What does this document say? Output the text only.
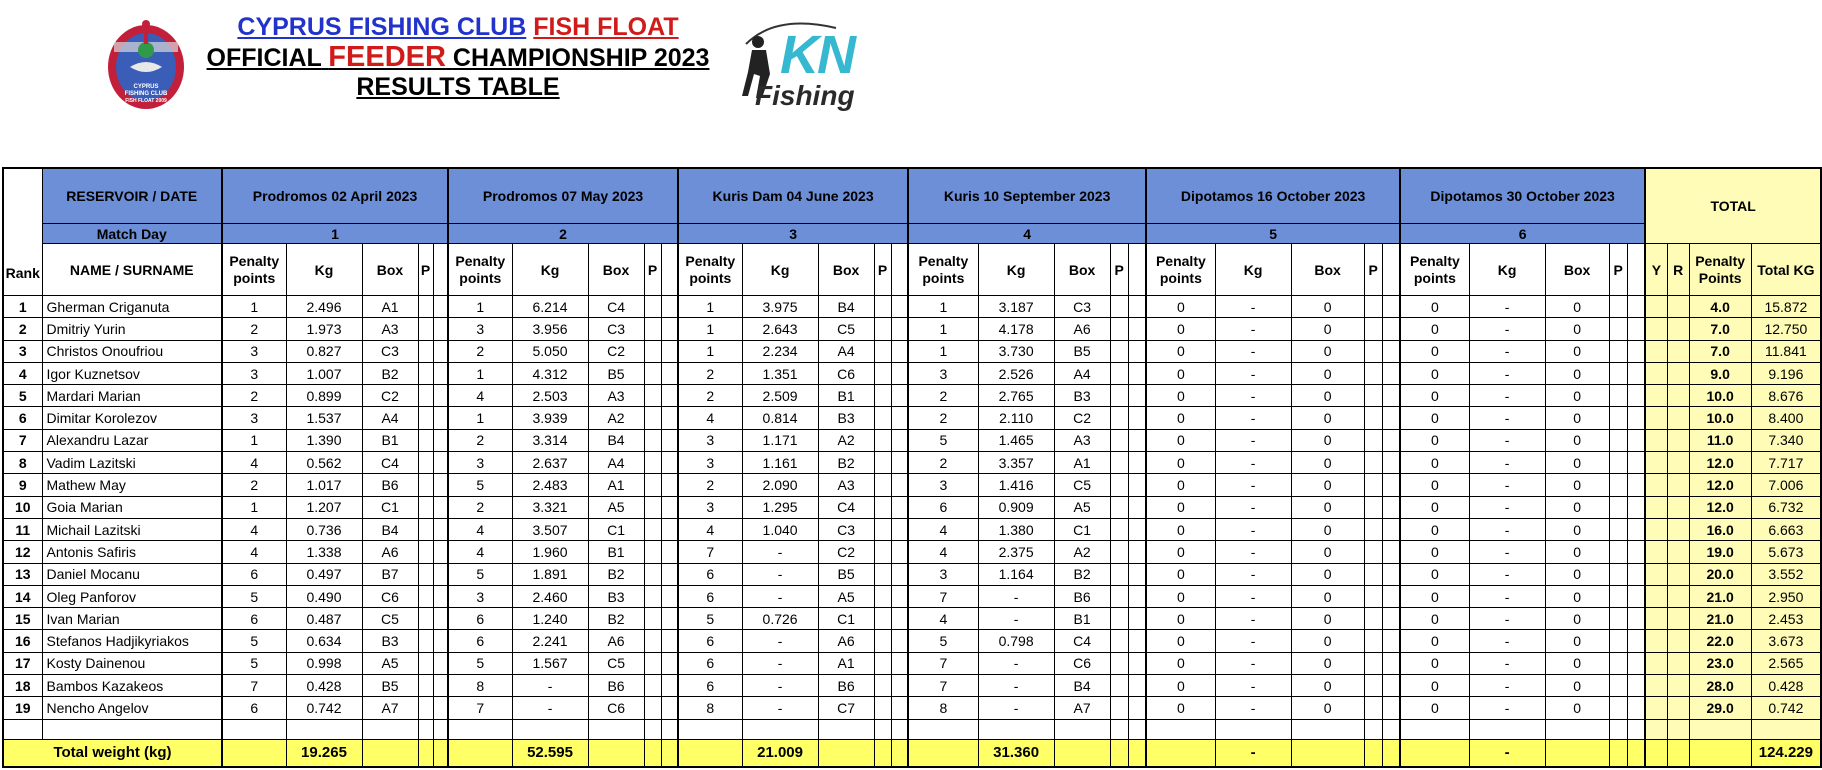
CYPRUS
FISHING CLUB
FISH FLOAT 2009
CYPRUS FISHING CLUB FISH FLOAT
OFFICIAL FEEDER CHAMPIONSHIP 2023
RESULTS TABLE
KN
Fishing
Rank	RESERVOIR / DATE	Prodromos 02 April 2023					Prodromos 07 May 2023					Kuris Dam 04 June 2023					Kuris 10 September 2023					Dipotamos 16 October 2023					Dipotamos 30 October 2023					TOTAL			
	Match Day	1					2					3					4					5					6								
	NAME / SURNAME	Penalty points	Kg	Box	P		Penalty points	Kg	Box	P		Penalty points	Kg	Box	P		Penalty points	Kg	Box	P		Penalty points	Kg	Box	P		Penalty points	Kg	Box	P		Y	R	Penalty Points	Total KG
1	Gherman Criganuta	1	2.496	A1			1	6.214	C4			1	3.975	B4			1	3.187	C3			0	-	0			0	-	0					4.0	15.872
2	Dmitriy Yurin	2	1.973	A3			3	3.956	C3			1	2.643	C5			1	4.178	A6			0	-	0			0	-	0					7.0	12.750
3	Christos Onoufriou	3	0.827	C3			2	5.050	C2			1	2.234	A4			1	3.730	B5			0	-	0			0	-	0					7.0	11.841
4	Igor Kuznetsov	3	1.007	B2			1	4.312	B5			2	1.351	C6			3	2.526	A4			0	-	0			0	-	0					9.0	9.196
5	Mardari Marian	2	0.899	C2			4	2.503	A3			2	2.509	B1			2	2.765	B3			0	-	0			0	-	0					10.0	8.676
6	Dimitar Korolezov	3	1.537	A4			1	3.939	A2			4	0.814	B3			2	2.110	C2			0	-	0			0	-	0					10.0	8.400
7	Alexandru Lazar	1	1.390	B1			2	3.314	B4			3	1.171	A2			5	1.465	A3			0	-	0			0	-	0					11.0	7.340
8	Vadim Lazitski	4	0.562	C4			3	2.637	A4			3	1.161	B2			2	3.357	A1			0	-	0			0	-	0					12.0	7.717
9	Mathew May	2	1.017	B6			5	2.483	A1			2	2.090	A3			3	1.416	C5			0	-	0			0	-	0					12.0	7.006
10	Goia Marian	1	1.207	C1			2	3.321	A5			3	1.295	C4			6	0.909	A5			0	-	0			0	-	0					12.0	6.732
11	Michail Lazitski	4	0.736	B4			4	3.507	C1			4	1.040	C3			4	1.380	C1			0	-	0			0	-	0					16.0	6.663
12	Antonis Safiris	4	1.338	A6			4	1.960	B1			7	-	C2			4	2.375	A2			0	-	0			0	-	0					19.0	5.673
13	Daniel Mocanu	6	0.497	B7			5	1.891	B2			6	-	B5			3	1.164	B2			0	-	0			0	-	0					20.0	3.552
14	Oleg Panforov	5	0.490	C6			3	2.460	B3			6	-	A5			7	-	B6			0	-	0			0	-	0					21.0	2.950
15	Ivan Marian	6	0.487	C5			6	1.240	B2			5	0.726	C1			4	-	B1			0	-	0			0	-	0					21.0	2.453
16	Stefanos Hadjikyriakos	5	0.634	B3			6	2.241	A6			6	-	A6			5	0.798	C4			0	-	0			0	-	0					22.0	3.673
17	Kosty Dainenou	5	0.998	A5			5	1.567	C5			6	-	A1			7	-	C6			0	-	0			0	-	0					23.0	2.565
18	Bambos Kazakeos	7	0.428	B5			8	-	B6			6	-	B6			7	-	B4			0	-	0			0	-	0					28.0	0.428
19	Nencho Angelov	6	0.742	A7			7	-	C6			8	-	C7			8	-	A7			0	-	0			0	-	0					29.0	0.742

Total weight (kg)			19.265					52.595					21.009					31.360					-					-							124.229
